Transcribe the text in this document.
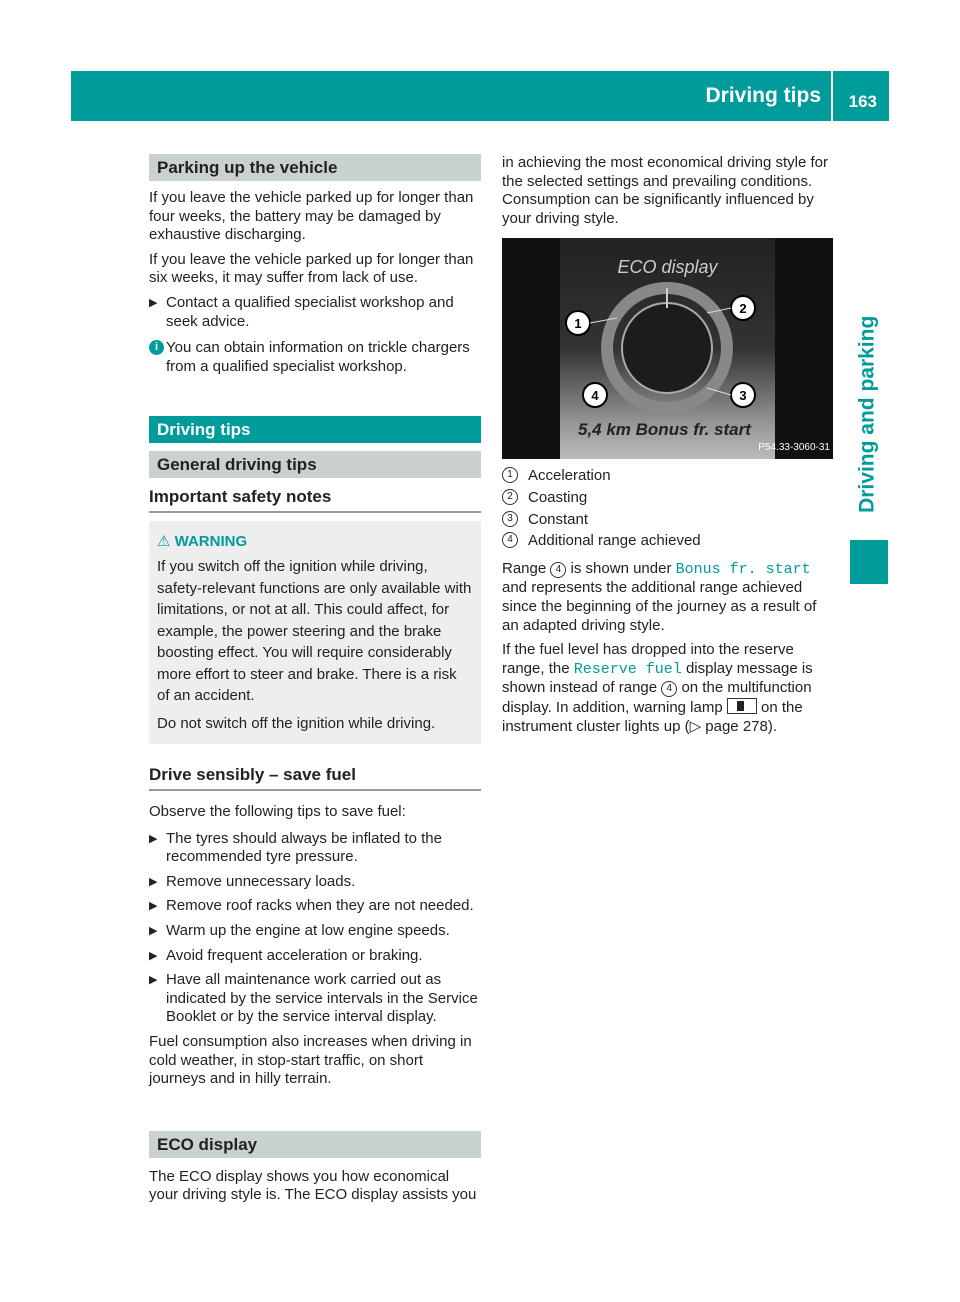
Driving tips 163
Driving and parking
Parking up the vehicle

If you leave the vehicle parked up for longer than four weeks, the battery may be damaged by exhaustive discharging.

If you leave the vehicle parked up for longer than six weeks, it may suffer from lack of use.

▶ Contact a qualified specialist workshop and seek advice.
i You can obtain information on trickle chargers from a qualified specialist workshop.
Driving tips
General driving tips
Important safety notes
⚠ WARNING

If you switch off the ignition while driving, safety-relevant functions are only available with limitations, or not at all. This could affect, for example, the power steering and the brake boosting effect. You will require considerably more effort to steer and brake. There is a risk of an accident.

Do not switch off the ignition while driving.

Drive sensibly – save fuel

Observe the following tips to save fuel:

▶ The tyres should always be inflated to the recommended tyre pressure.
▶ Remove unnecessary loads.
▶ Remove roof racks when they are not needed.
▶ Warm up the engine at low engine speeds.
▶ Avoid frequent acceleration or braking.
▶ Have all maintenance work carried out as indicated by the service intervals in the Service Booklet or by the service interval display.

Fuel consumption also increases when driving in cold weather, in stop-start traffic, on short journeys and in hilly terrain.

ECO display

The ECO display shows you how economical your driving style is. The ECO display assists you

in achieving the most economical driving style for the selected settings and prevailing conditions. Consumption can be significantly influenced by your driving style.

ECO display
1
2
3
4
5,4 km Bonus fr. start
P54.33-3060-31
1	Acceleration
2	Coasting
3	Constant
4	Additional range achieved

Range 4 is shown under Bonus fr. start and represents the additional range achieved since the beginning of the journey as a result of an adapted driving style.

If the fuel level has dropped into the reserve range, the Reserve fuel display message is shown instead of range 4 on the multifunction display. In addition, warning lamp	on the instrument cluster lights up (▷ page 278).
